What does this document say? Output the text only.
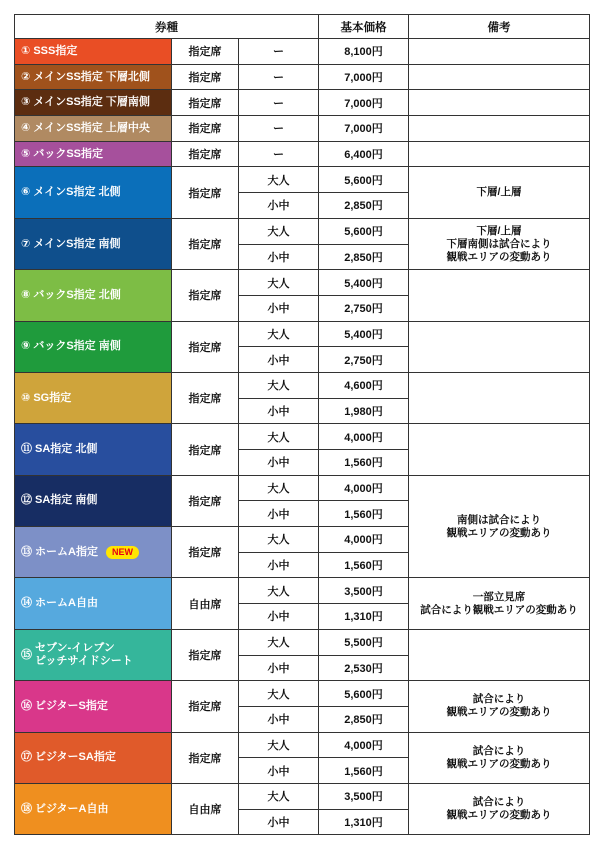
券種			基本価格	備考

① SSS指定	指定席	ー	8,100円	

② メインSS指定 下層北側	指定席	ー	7,000円	

③ メインSS指定 下層南側	指定席	ー	7,000円	

④ メインSS指定 上層中央	指定席	ー	7,000円	

⑤ バックSS指定	指定席	ー	6,400円	

⑥ メインS指定 北側	指定席	大人	5,600円	下層/上層
		小中	2,850円	

⑦ メインS指定 南側	指定席	大人	5,600円	下層/上層
下層南側は試合により
観戦エリアの変動あり
		小中	2,850円	

⑧ バックS指定 北側	指定席	大人	5,400円	
		小中	2,750円	

⑨ バックS指定 南側	指定席	大人	5,400円	
		小中	2,750円	

⑩ SG指定	指定席	大人	4,600円	
		小中	1,980円	

⑪ SA指定 北側	指定席	大人	4,000円	
		小中	1,560円	

⑫ SA指定 南側	指定席	大人	4,000円	南側は試合により
観戦エリアの変動あり
		小中	1,560円	

⑬ ホームA指定 NEW	指定席	大人	4,000円	
		小中	1,560円	

⑭ ホームA自由	自由席	大人	3,500円	一部立見席
試合により観戦エリアの変動あり
		小中	1,310円	

⑮
セブン-イレブン
ピッチサイドシート	指定席	大人	5,500円	
		小中	2,530円	

⑯ ビジターS指定	指定席	大人	5,600円	試合により
観戦エリアの変動あり
		小中	2,850円	

⑰ ビジターSA指定	指定席	大人	4,000円	試合により
観戦エリアの変動あり
		小中	1,560円	

⑱ ビジターA自由	自由席	大人	3,500円	試合により
観戦エリアの変動あり
		小中	1,310円	
